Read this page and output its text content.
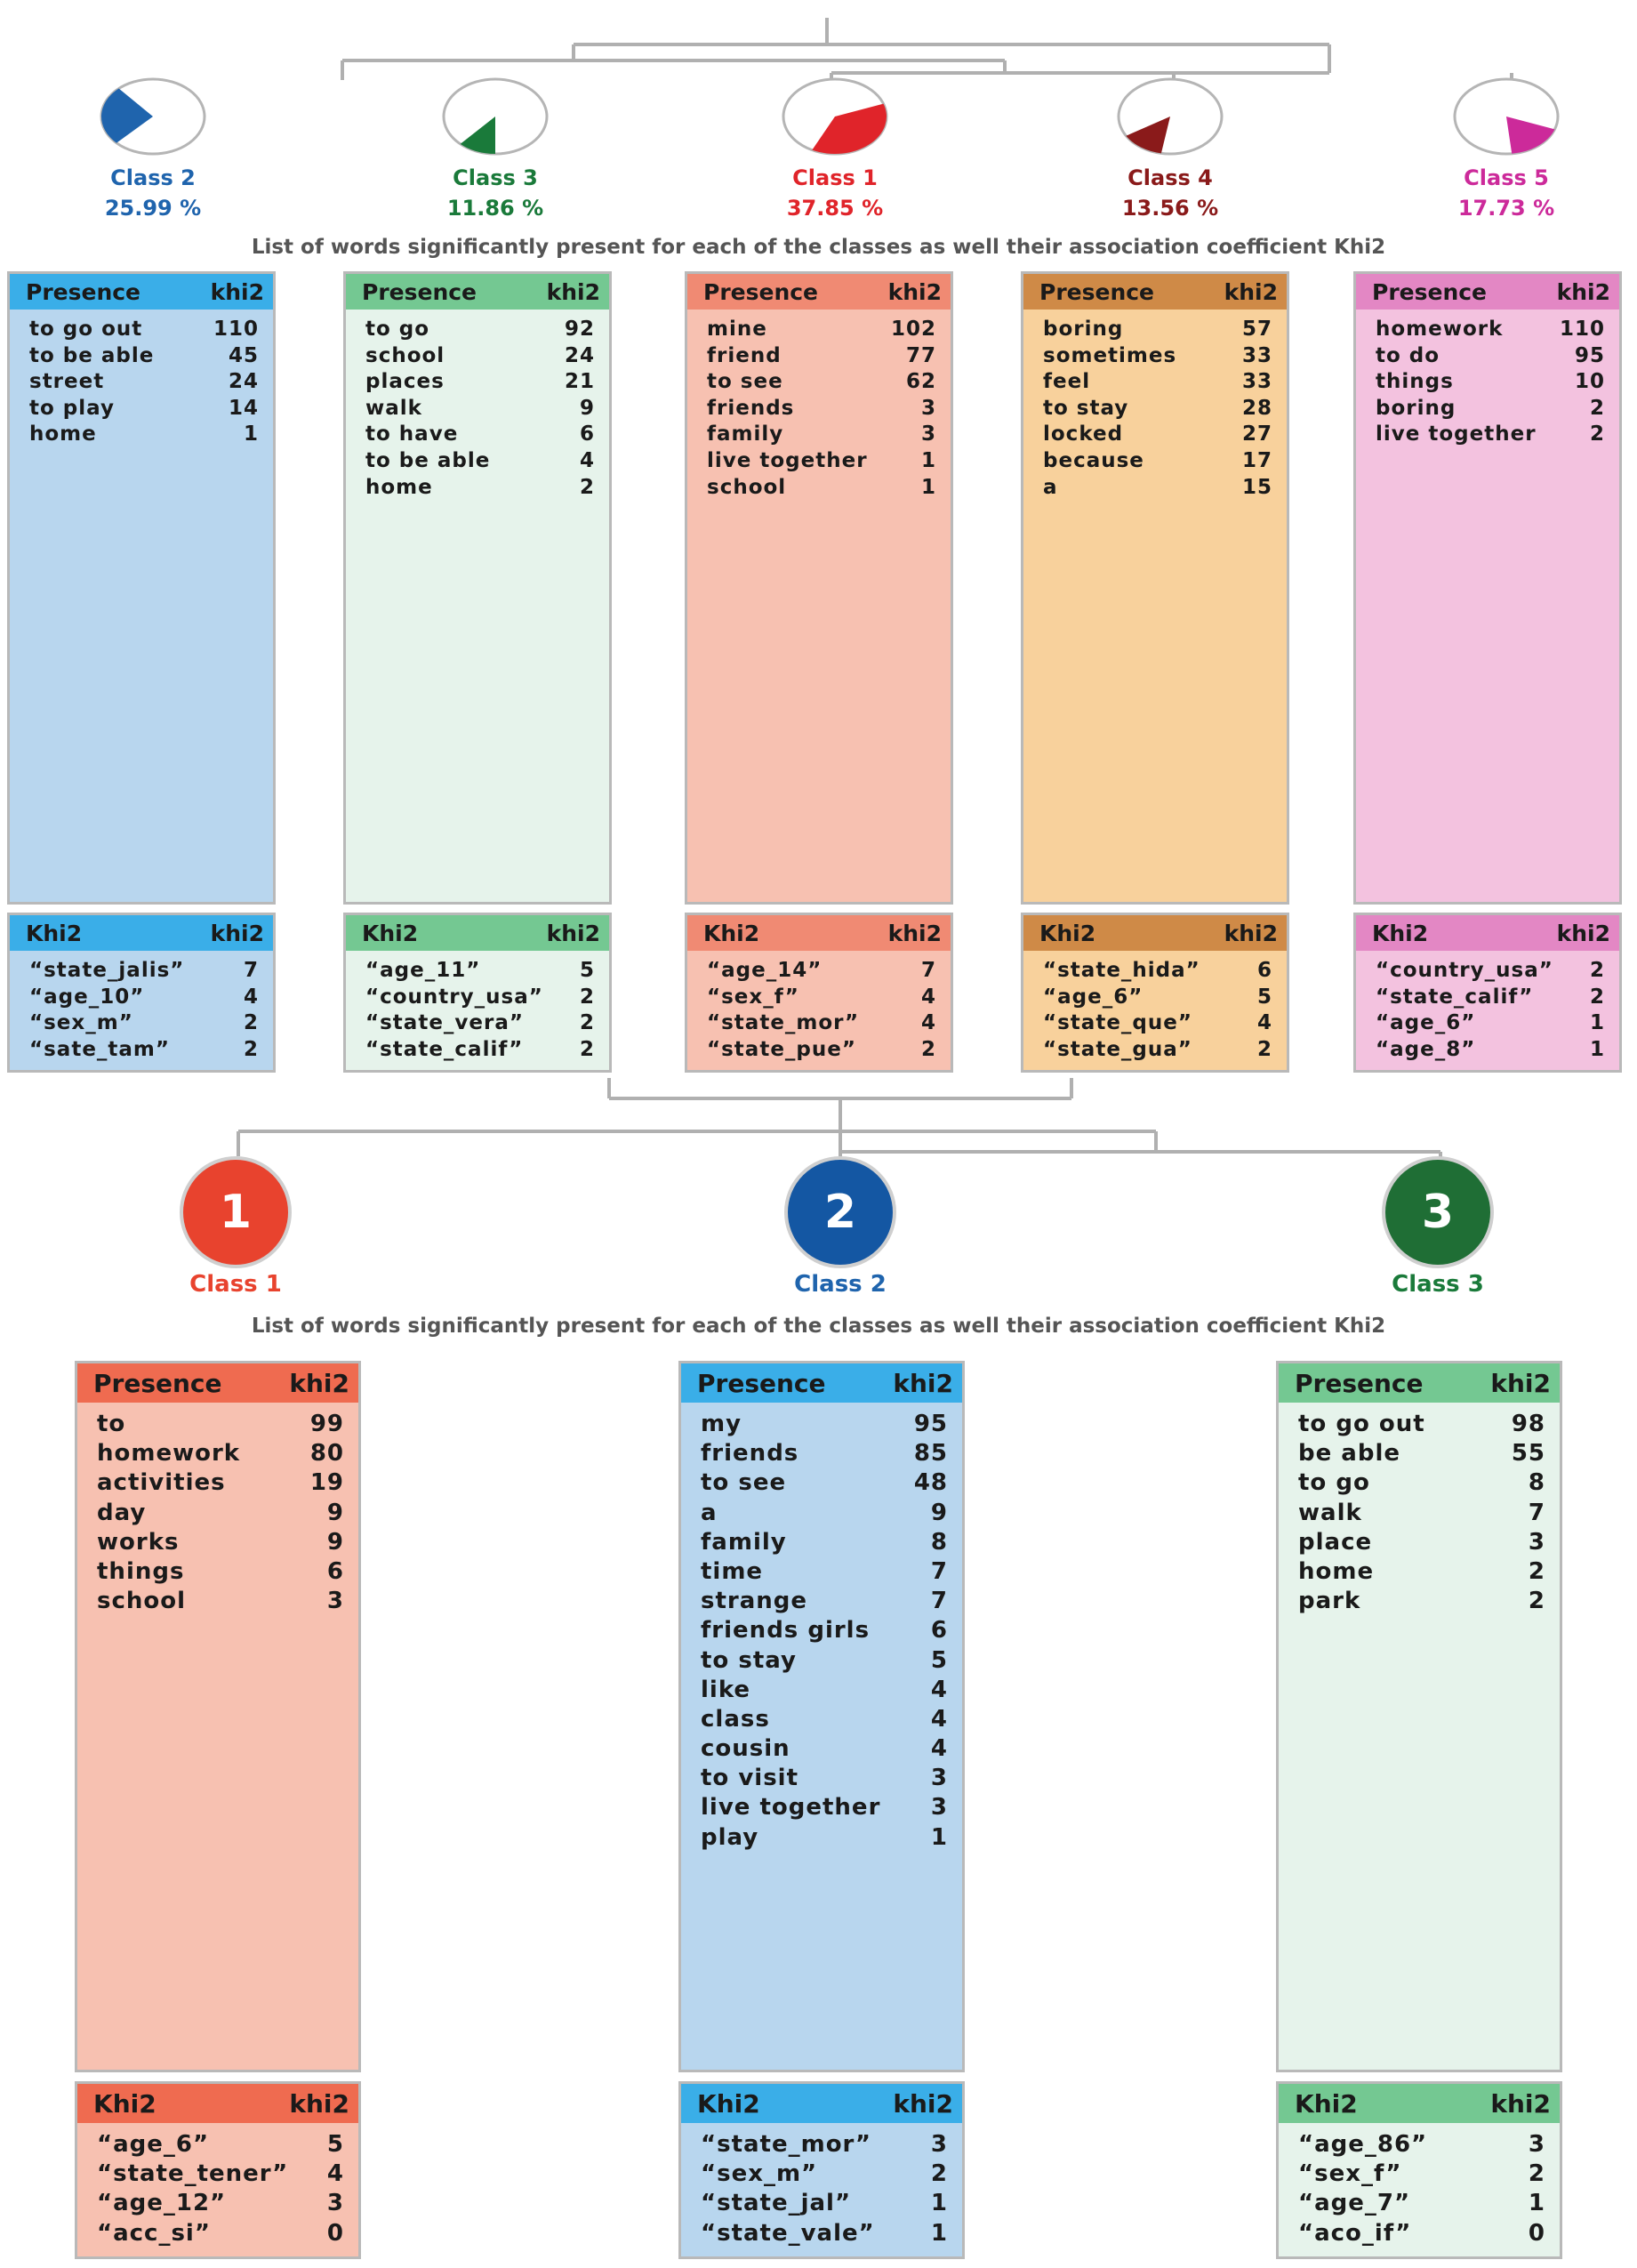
Class 2
25.99 %
Class 3
11.86 %
Class 1
37.85 %
Class 4
13.56 %
Class 5
17.73 %
List of words significantly present for each of the classes as well their association coefficient Khi2
Presence	khi2
to go out	110
to be able	45
street	24
to play	14
home	1
Khi2	khi2
“state_jalis”	7
“age_10”	4
“sex_m”	2
“sate_tam”	2
Presence	khi2
to go	92
school	24
places	21
walk	9
to have	6
to be able	4
home	2
Khi2	khi2
“age_11”	5
“country_usa” 2
“state_vera”	2
“state_calif”	2
Presence	khi2
mine	102
friend	77
to see	62
friends	3
family	3
live together	1
school	1
Khi2	khi2
“age_14”	7
“sex_f”	4
“state_mor”	4
“state_pue”	2
Presence	khi2
boring	57
sometimes	33
feel	33
to stay	28
locked	27
because	17
a	15
Khi2	khi2
“state_hida”	6
“age_6”	5
“state_que”	4
“state_gua”	2
Presence	khi2
homework	110
to do	95
things	10
boring	2
live together	2
Khi2	khi2
“country_usa” 2
“state_calif”	2
“age_6”	1
“age_8”	1
1
Class 1
2
Class 2
3
Class 3
List of words significantly present for each of the classes as well their association coefficient Khi2
Presence	khi2
to	99
homework	80
activities	19
day	9
works	9
things	6
school	3
Khi2	khi2
“age_6”	5
“state_tener” 4
“age_12”	3
“acc_si”	0
Presence	khi2
my	95
friends	85
to see	48
a	9
family	8
time	7
strange	7
friends girls	6
to stay	5
like	4
class	4
cousin	4
to visit	3
live together 3
play	1
Khi2	khi2
“state_mor”	3
“sex_m”	2
“state_jal”	1
“state_vale” 1
Presence	khi2
to go out	98
be able	55
to go	8
walk	7
place	3
home	2
park	2
Khi2	khi2
“age_86”	3
“sex_f”	2
“age_7”	1
“aco_if”	0
